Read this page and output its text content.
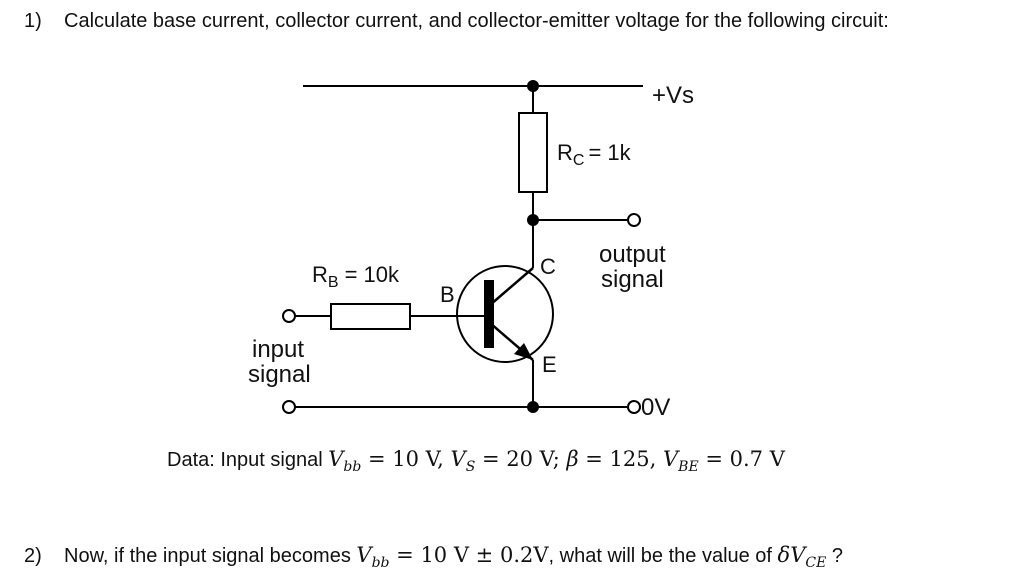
1) Calculate base current, collector current, and collector-emitter voltage for the following circuit:
+Vs
$R_C = 1k$
output
signal
B
C
E
$R_B = 10k$
input
signal
0V
Data: Input signal $V_{bb} = 10$ V, $V_S = 20$ V; β = 125, $V_{BE} = 0.7$ V
2) Now, if the input signal becomes $V_{bb} = 10$ V ± 0.2V, what will be the value of $\delta V_{CE}$ ?
